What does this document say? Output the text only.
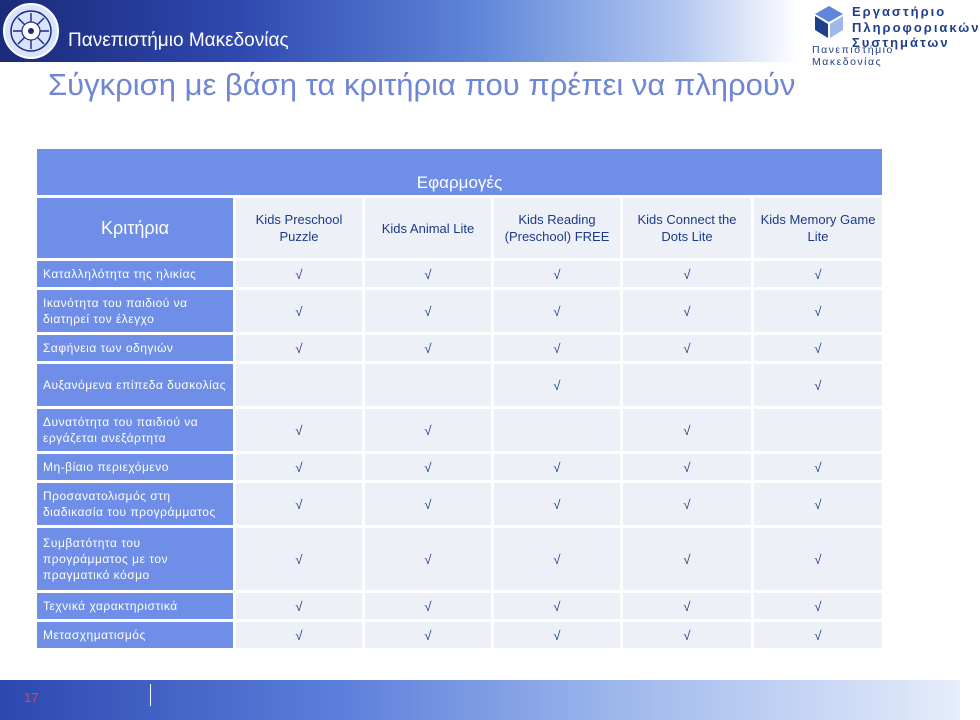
Πανεπιστήμιο Μακεδονίας
Εργαστήριο
Πληροφοριακών Συστημάτων
Πανεπιστήμιο Μακεδονίας
Σύγκριση με βάση τα κριτήρια που πρέπει να πληρούν
Εφαρμογές					
Κριτήρια	Kids Preschool Puzzle	Kids Animal Lite	Kids Reading (Preschool) FREE	Kids Connect the Dots Lite	Kids Memory Game Lite
Καταλληλότητα της ηλικίας	√	√	√	√	√
Ικανότητα του παιδιού να διατηρεί τον έλεγχο	√	√	√	√	√
Σαφήνεια των οδηγιών	√	√	√	√	√
Αυξανόμενα επίπεδα δυσκολίας			√		√
Δυνατότητα του παιδιού να εργάζεται ανεξάρτητα	√	√		√	
Μη-βίαιο περιεχόμενο	√	√	√	√	√
Προσανατολισμός στη διαδικασία του προγράμματος	√	√	√	√	√
Συμβατότητα του προγράμματος με τον πραγματικό κόσμο	√	√	√	√	√
Τεχνικά χαρακτηριστικά	√	√	√	√	√
Μετασχηματισμός	√	√	√	√	√
17
